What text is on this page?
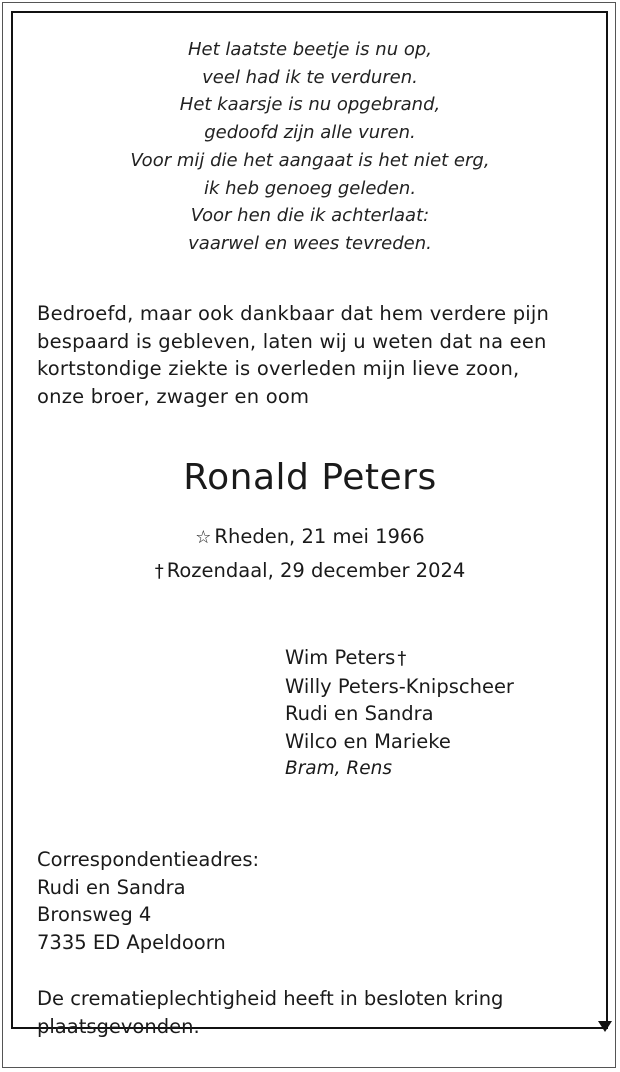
Het laatste beetje is nu op,
veel had ik te verduren.
Het kaarsje is nu opgebrand,
gedoofd zijn alle vuren.
Voor mij die het aangaat is het niet erg,
ik heb genoeg geleden.
Voor hen die ik achterlaat:
vaarwel en wees tevreden.
Bedroefd, maar ook dankbaar dat hem verdere pijn
bespaard is gebleven, laten wij u weten dat na een
kortstondige ziekte is overleden mijn lieve zoon,
onze broer, zwager en oom
Ronald Peters
☆ Rheden, 21 mei 1966
† Rozendaal, 29 december 2024
Wim Peters †
Willy Peters-Knipscheer
Rudi en Sandra
Wilco en Marieke
Bram, Rens
Correspondentieadres:
Rudi en Sandra
Bronsweg 4
7335 ED Apeldoorn
De crematieplechtigheid heeft in besloten kring
plaatsgevonden.
